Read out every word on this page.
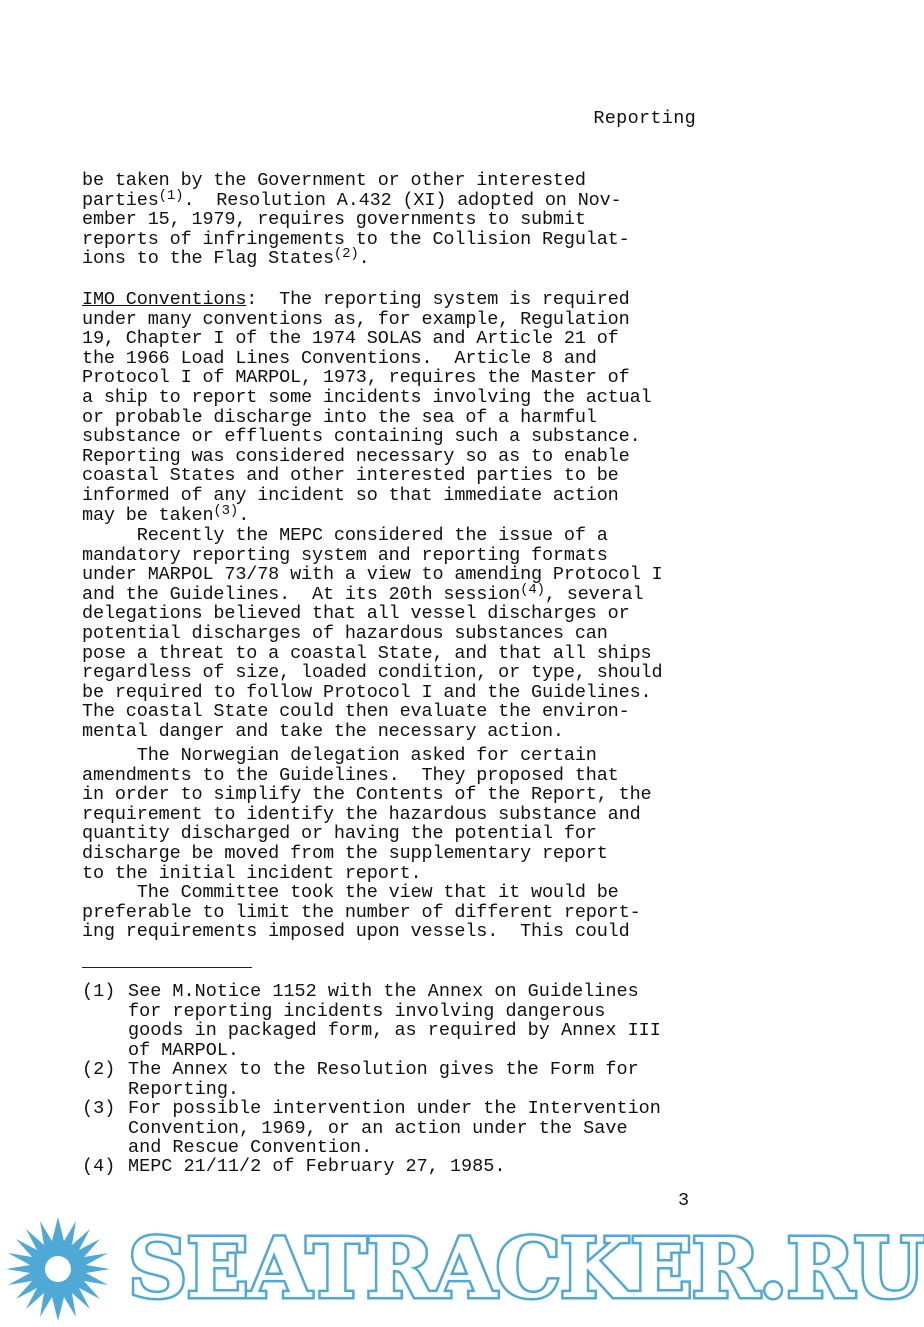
Reporting

be taken by the Government or other interested
parties$^{(1)}$.  Resolution A.432 (XI) adopted on Nov-
ember 15, 1979, requires governments to submit
reports of infringements to the Collision Regulat-
ions to the Flag States$^{(2)}$.

IMO Conventions:  The reporting system is required
under many conventions as, for example, Regulation
19, Chapter I of the 1974 SOLAS and Article 21 of
the 1966 Load Lines Conventions.  Article 8 and
Protocol I of MARPOL, 1973, requires the Master of
a ship to report some incidents involving the actual
or probable discharge into the sea of a harmful
substance or effluents containing such a substance.
Reporting was considered necessary so as to enable
coastal States and other interested parties to be
informed of any incident so that immediate action
may be taken$^{(3)}$.

Recently the MEPC considered the issue of a
mandatory reporting system and reporting formats
under MARPOL 73/78 with a view to amending Protocol I
and the Guidelines.  At its 20th session$^{(4)}$, several
delegations believed that all vessel discharges or
potential discharges of hazardous substances can
pose a threat to a coastal State, and that all ships
regardless of size, loaded condition, or type, should
be required to follow Protocol I and the Guidelines.
The coastal State could then evaluate the environ-
mental danger and take the necessary action.

The Norwegian delegation asked for certain
amendments to the Guidelines.  They proposed that
in order to simplify the Contents of the Report, the
requirement to identify the hazardous substance and
quantity discharged or having the potential for
discharge be moved from the supplementary report
to the initial incident report.

The Committee took the view that it would be
preferable to limit the number of different report-
ing requirements imposed upon vessels.  This could

(1) See M.Notice 1152 with the Annex on Guidelines
for reporting incidents involving dangerous
goods in packaged form, as required by Annex III
of MARPOL.
(2) The Annex to the Resolution gives the Form for
Reporting.
(3) For possible intervention under the Intervention
Convention, 1969, or an action under the Save
and Rescue Convention.
(4) MEPC 21/11/2 of February 27, 1985.
3
SEATRACKER.RU
